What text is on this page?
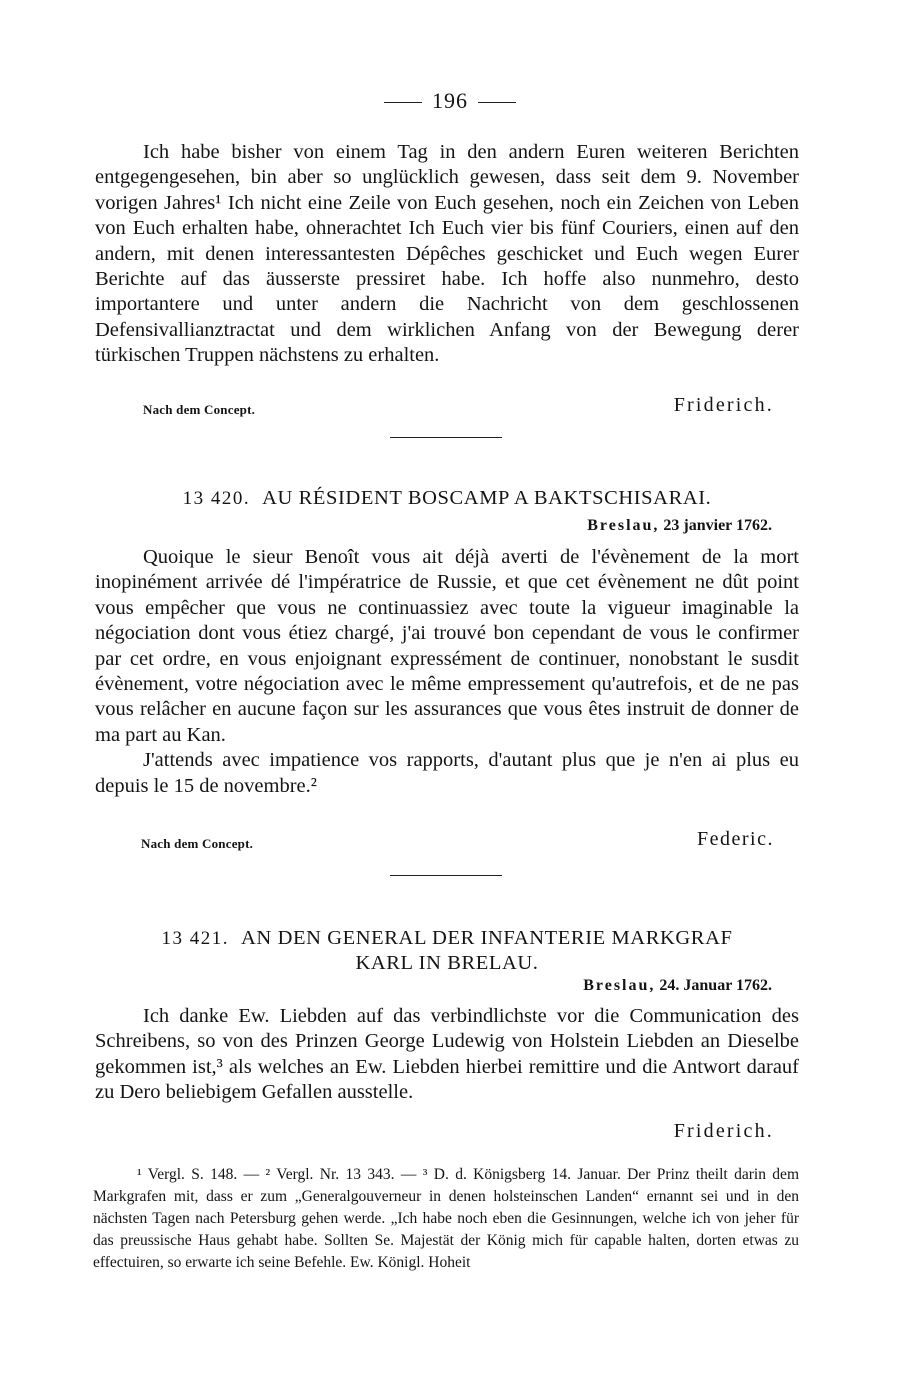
196

Ich habe bisher von einem Tag in den andern Euren weiteren Berichten entgegengesehen, bin aber so unglücklich gewesen, dass seit dem 9. November vorigen Jahres¹ Ich nicht eine Zeile von Euch gesehen, noch ein Zeichen von Leben von Euch erhalten habe, ohnerachtet Ich Euch vier bis fünf Couriers, einen auf den andern, mit denen interessantesten Dépêches geschicket und Euch wegen Eurer Berichte auf das äusserste pressiret habe. Ich hoffe also nunmehro, desto importantere und unter andern die Nachricht von dem geschlossenen Defensivallianztractat und dem wirklichen Anfang von der Bewegung derer türkischen Truppen nächstens zu erhalten.

Nach dem Concept.	Friderich.
13 420. AU RÉSIDENT BOSCAMP A BAKTSCHISARAI.
Breslau, 23 janvier 1762.

Quoique le sieur Benoît vous ait déjà averti de l'évènement de la mort inopinément arrivée dé l'impératrice de Russie, et que cet évènement ne dût point vous empêcher que vous ne continuassiez avec toute la vigueur imaginable la négociation dont vous étiez chargé, j'ai trouvé bon cependant de vous le confirmer par cet ordre, en vous enjoignant expressément de continuer, nonobstant le susdit évènement, votre négociation avec le même empressement qu'autrefois, et de ne pas vous relâcher en aucune façon sur les assurances que vous êtes instruit de donner de ma part au Kan.

J'attends avec impatience vos rapports, d'autant plus que je n'en ai plus eu depuis le 15 de novembre.²

Nach dem Concept.	Federic.
13 421. AN DEN GENERAL DER INFANTERIE MARKGRAF
KARL IN BRELAU.
Breslau, 24. Januar 1762.

Ich danke Ew. Liebden auf das verbindlichste vor die Communication des Schreibens, so von des Prinzen George Ludewig von Holstein Liebden an Dieselbe gekommen ist,³ als welches an Ew. Liebden hierbei remittire und die Antwort darauf zu Dero beliebigem Gefallen ausstelle.

Friderich.
¹ Vergl. S. 148. — ² Vergl. Nr. 13 343. — ³ D. d. Königsberg 14. Januar. Der Prinz theilt darin dem Markgrafen mit, dass er zum „Generalgouverneur in denen holsteinschen Landen“ ernannt sei und in den nächsten Tagen nach Petersburg gehen werde. „Ich habe noch eben die Gesinnungen, welche ich von jeher für das preussische Haus gehabt habe. Sollten Se. Majestät der König mich für capable halten, dorten etwas zu effectuiren, so erwarte ich seine Befehle. Ew. Königl. Hoheit
